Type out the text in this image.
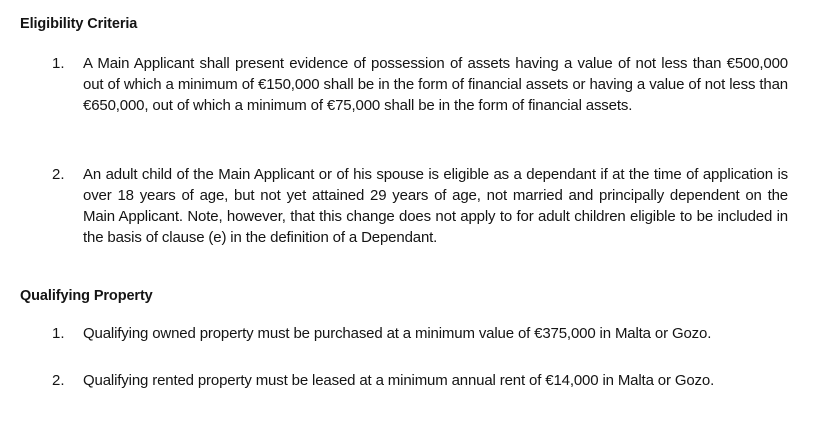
Eligibility Criteria
1. A Main Applicant shall present evidence of possession of assets having a value of not less than €500,000 out of which a minimum of €150,000 shall be in the form of financial assets or having a value of not less than €650,000, out of which a minimum of €75,000 shall be in the form of financial assets.
2. An adult child of the Main Applicant or of his spouse is eligible as a dependant if at the time of application is over 18 years of age, but not yet attained 29 years of age, not married and principally dependent on the Main Applicant. Note, however, that this change does not apply to for adult children eligible to be included in the basis of clause (e) in the definition of a Dependant.
Qualifying Property
1. Qualifying owned property must be purchased at a minimum value of €375,000 in Malta or Gozo.
2. Qualifying rented property must be leased at a minimum annual rent of €14,000 in Malta or Gozo.
